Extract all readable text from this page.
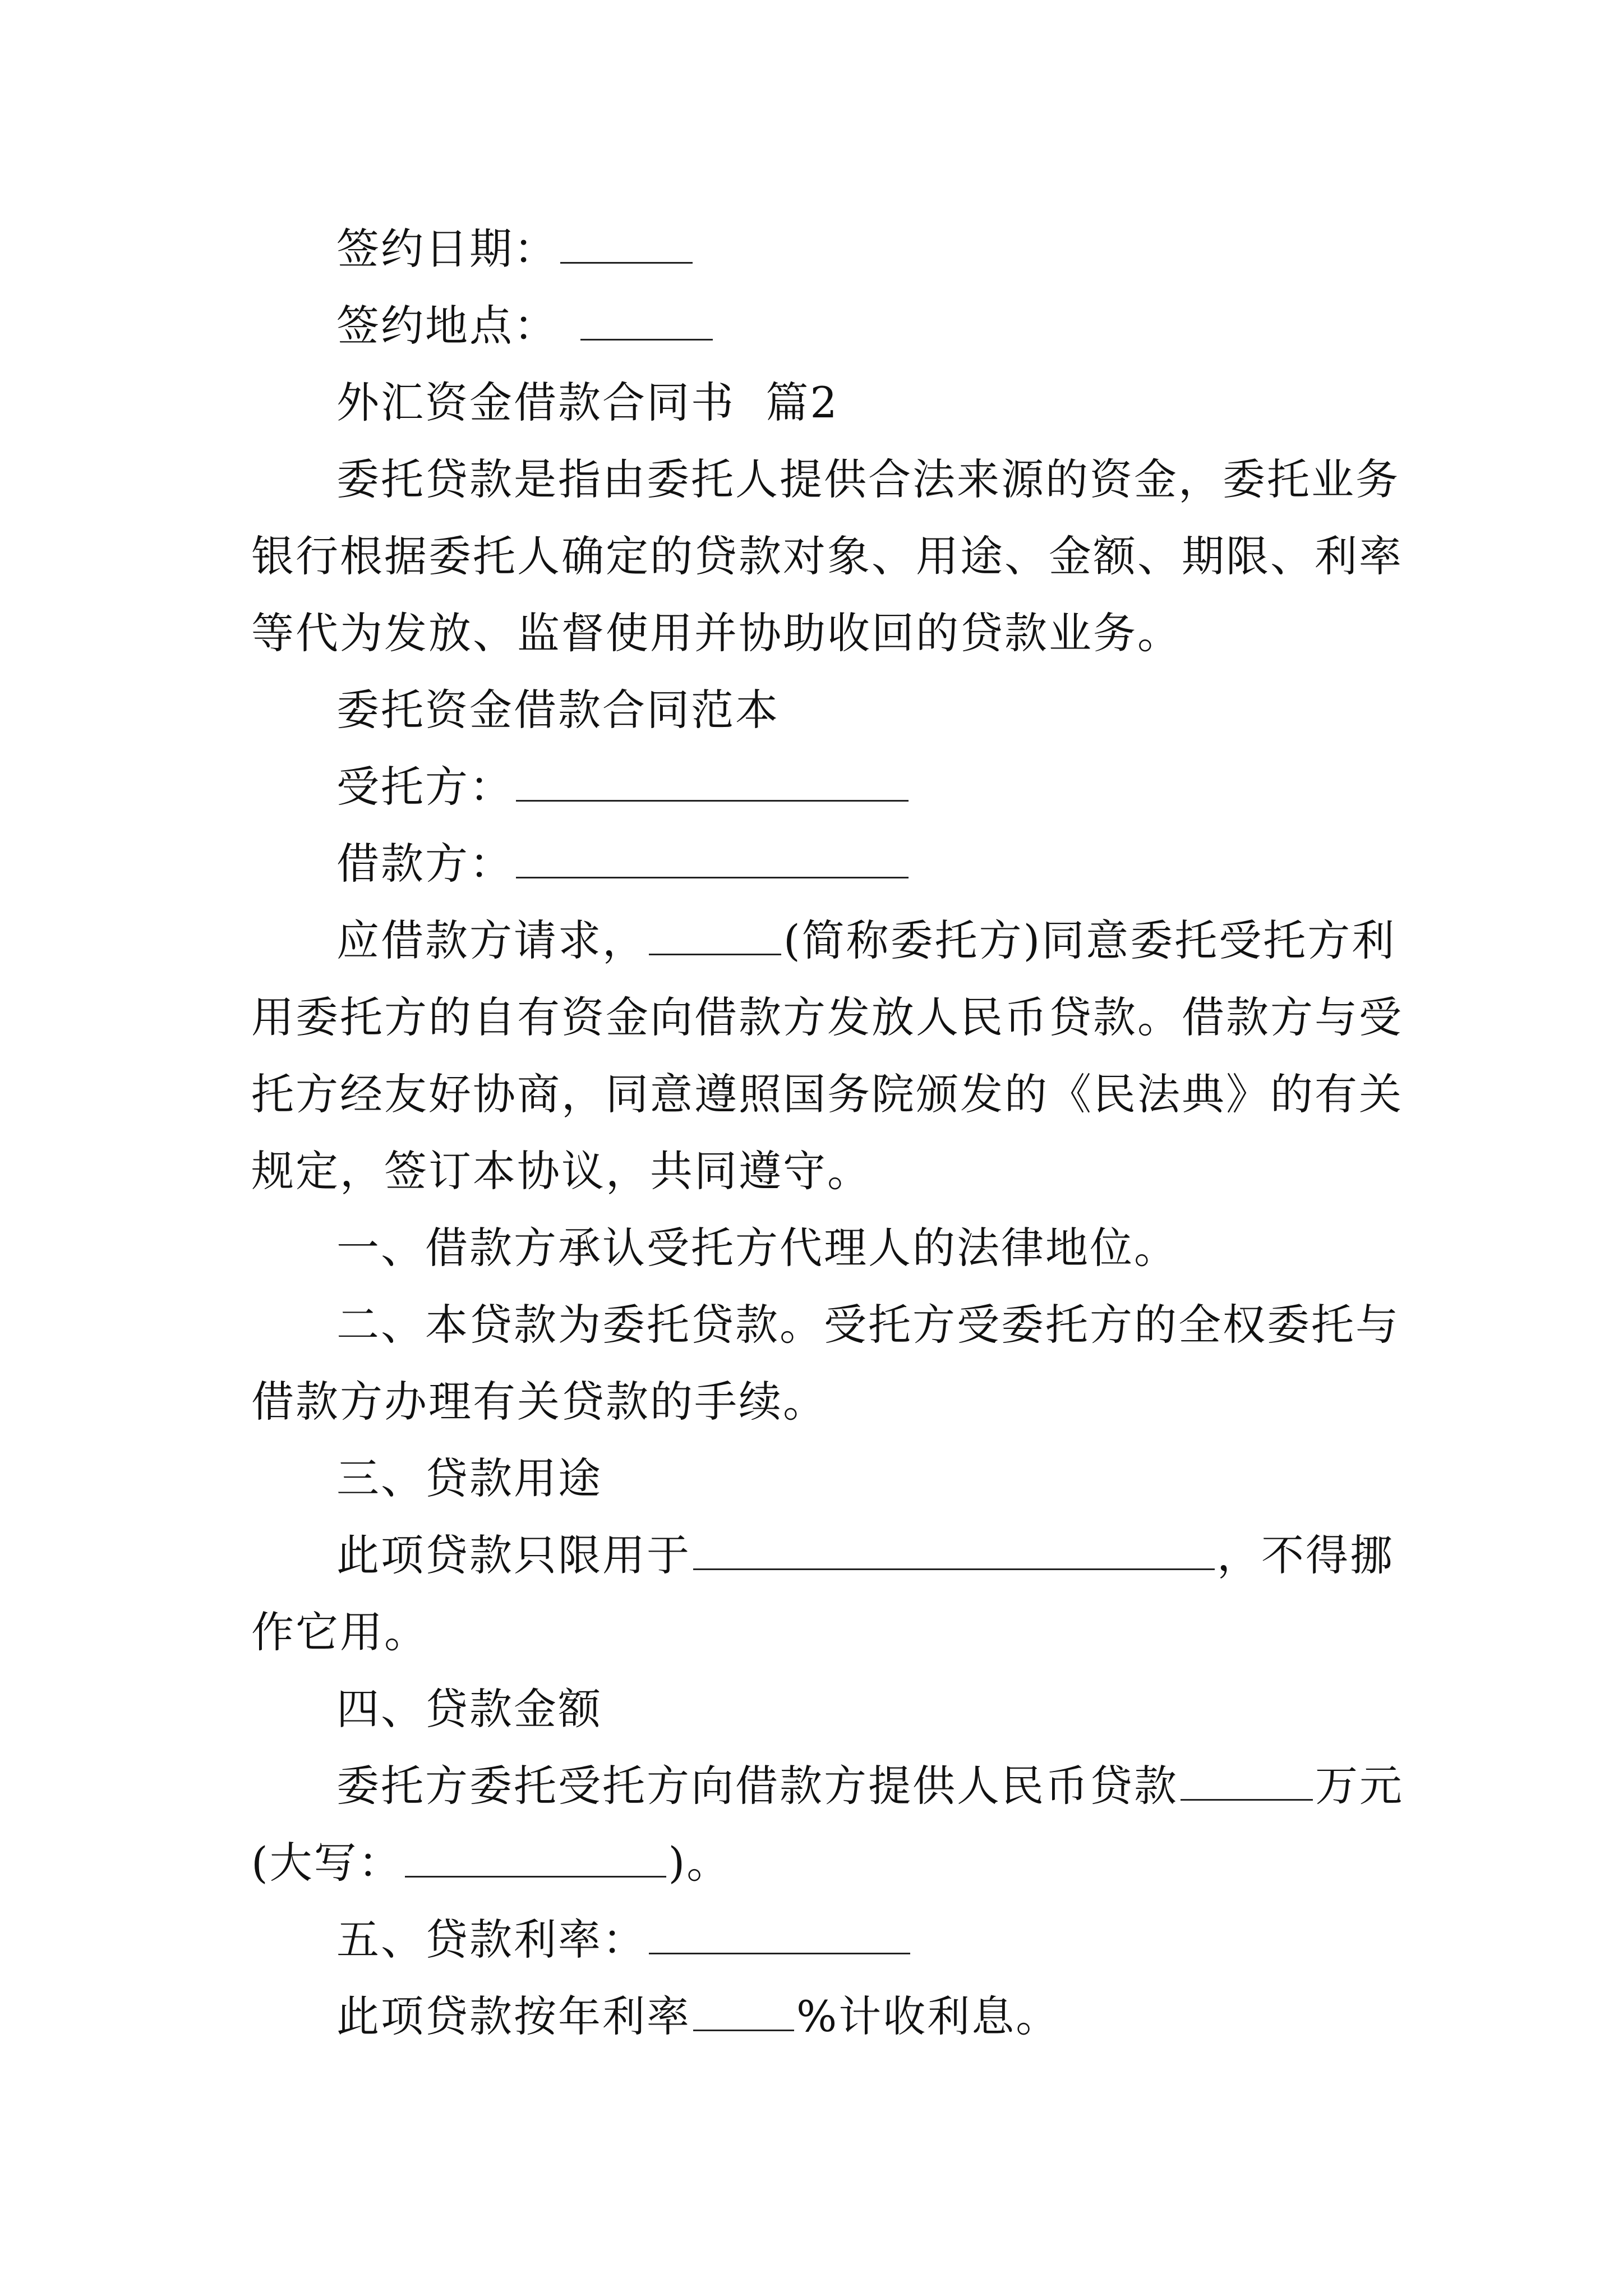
签约日期：
签约地点：
外汇资金借款合同书  篇2
委托贷款是指由委托人提供合法来源的资金，委托业务
银行根据委托人确定的贷款对象、用途、金额、期限、利率
等代为发放、监督使用并协助收回的贷款业务。
委托资金借款合同范本
受托方：
借款方：
应借款方请求，	(简称委托方)同意委托受托方利
用委托方的自有资金向借款方发放人民币贷款。借款方与受
托方经友好协商，同意遵照国务院颁发的《民法典》的有关
规定，签订本协议，共同遵守。
一、借款方承认受托方代理人的法律地位。
二、本贷款为委托贷款。受托方受委托方的全权委托与
借款方办理有关贷款的手续。
三、贷款用途
此项贷款只限用于	，不得挪
作它用。
四、贷款金额
委托方委托受托方向借款方提供人民币贷款	万元
(大写：	)。
五、贷款利率：
此项贷款按年利率 %计收利息。
